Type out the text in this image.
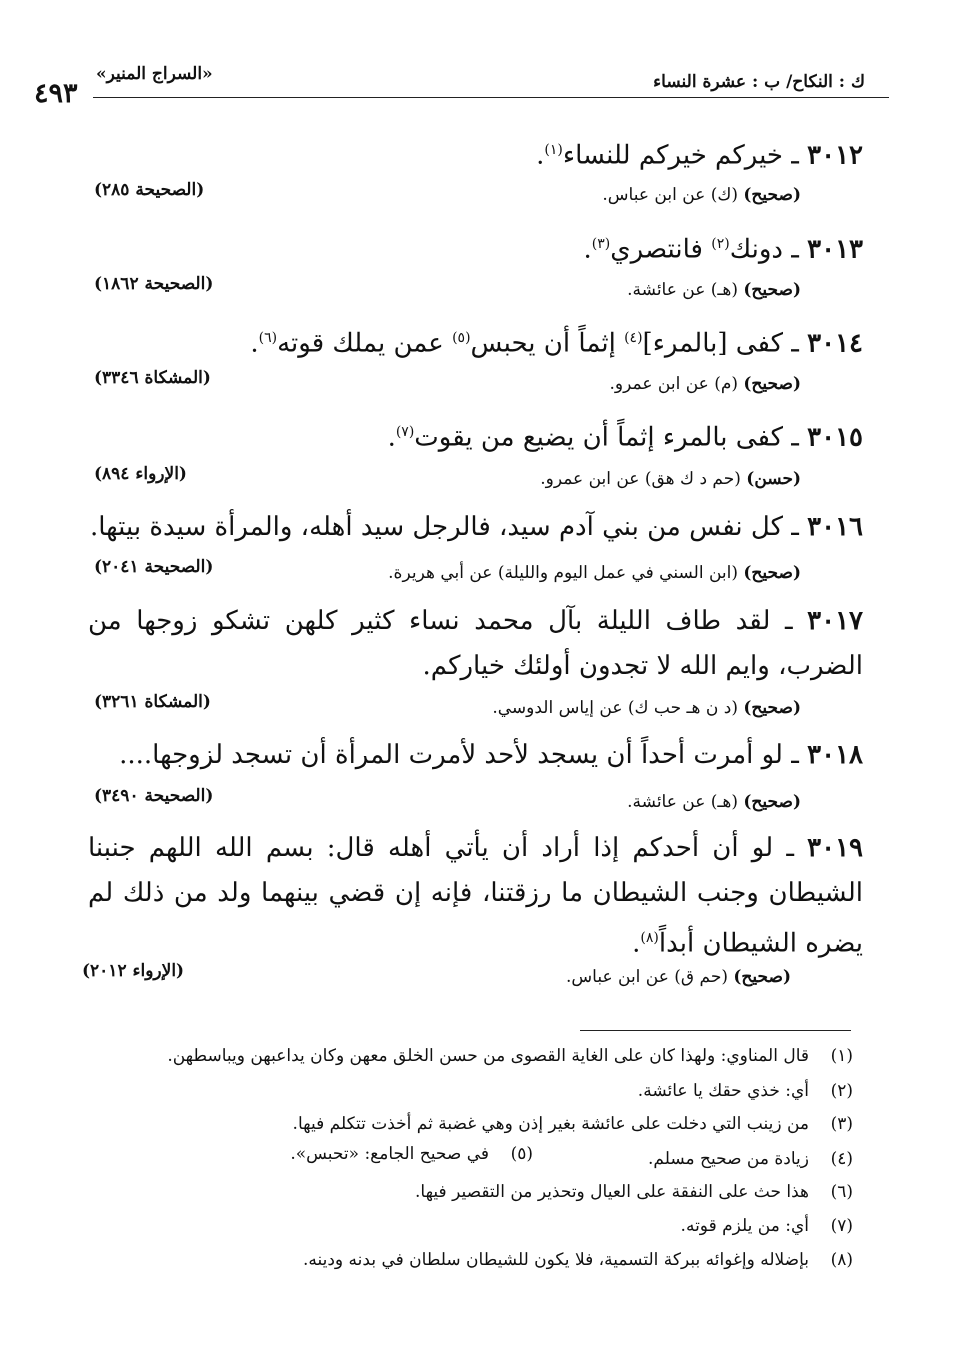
ك : النكاح/ ب : عشرة النساء
«السراج المنير»
٤٩٣
٣٠١٢ ـ خيركم خيركم للنساء$^{(١)}$.
(صحيح) (ك) عن ابن عباس.
(الصحيحة ٢٨٥)
٣٠١٣ ـ دونك$^{(٢)}$ فانتصري$^{(٣)}$.
(صحيح) (هـ) عن عائشة.
(الصحيحة ١٨٦٢)
٣٠١٤ ـ كفى [بالمرء]$^{(٤)}$ إثماً أن يحبس$^{(٥)}$ عمن يملك قوته$^{(٦)}$.
(صحيح) (م) عن ابن عمرو.
(المشكاة ٣٣٤٦)
٣٠١٥ ـ كفى بالمرء إثماً أن يضيع من يقوت$^{(٧)}$.
(حسن) (حم د ك هق) عن ابن عمرو.
(الإرواء ٨٩٤)
٣٠١٦ ـ كل نفس من بني آدم سيد، فالرجل سيد أهله، والمرأة سيدة بيتها.
(صحيح) (ابن السني في عمل اليوم والليلة) عن أبي هريرة.
(الصحيحة ٢٠٤١)
٣٠١٧ ـ لقد طاف الليلة بآل محمد نساء كثير كلهن تشكو زوجها من الضرب، وايم الله لا تجدون أولئك خياركم.
(صحيح) (د ن هـ حب ك) عن إياس الدوسي.
(المشكاة ٣٢٦١)
٣٠١٨ ـ لو أمرت أحداً أن يسجد لأحد لأمرت المرأة أن تسجد لزوجها....
(صحيح) (هـ) عن عائشة.
(الصحيحة ٣٤٩٠)
٣٠١٩ ـ لو أن أحدكم إذا أراد أن يأتي أهله قال: بسم الله اللهم جنبنا الشيطان وجنب الشيطان ما رزقتنا، فإنه إن قضي بينهما ولد من ذلك لم يضره الشيطان أبداً$^{(٨)}$.
(صحيح) (حم ق) عن ابن عباس.
(الإرواء ٢٠١٢)
(١)قال المناوي: ولهذا كان على الغاية القصوى من حسن الخلق معهن وكان يداعبهن ويباسطهن.
(٢)أي: خذي حقك يا عائشة.
(٣)من زينب التي دخلت على عائشة بغير إذن وهي غضبة ثم أخذت تتكلم فيها.
(٤)زيادة من صحيح مسلم.
(٥)في صحيح الجامع: «تحبس».
(٦)هذا حث على النفقة على العيال وتحذير من التقصير فيها.
(٧)أي: من يلزم قوته.
(٨)بإضلاله وإغوائه ببركة التسمية، فلا يكون للشيطان سلطان في بدنه ودينه.
